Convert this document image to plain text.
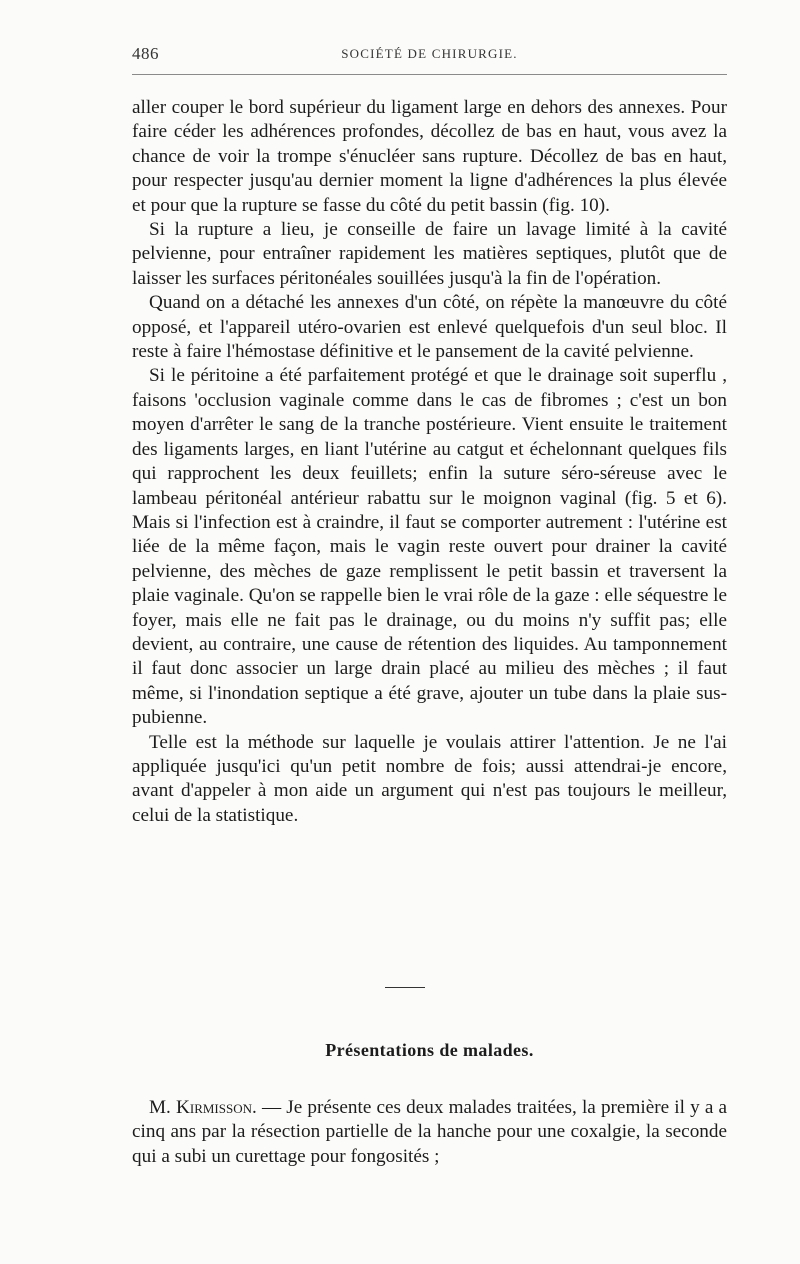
486	SOCIÉTÉ DE CHIRURGIE.

aller couper le bord supérieur du ligament large en dehors des annexes. Pour faire céder les adhérences profondes, décollez de bas en haut, vous avez la chance de voir la trompe s'énucléer sans rupture. Décollez de bas en haut, pour respecter jusqu'au dernier moment la ligne d'adhérences la plus élevée et pour que la rupture se fasse du côté du petit bassin (fig. 10).

Si la rupture a lieu, je conseille de faire un lavage limité à la cavité pelvienne, pour entraîner rapidement les matières septiques, plutôt que de laisser les surfaces péritonéales souillées jusqu'à la fin de l'opération.

Quand on a détaché les annexes d'un côté, on répète la manœuvre du côté opposé, et l'appareil utéro-ovarien est enlevé quelquefois d'un seul bloc. Il reste à faire l'hémostase définitive et le pansement de la cavité pelvienne.

Si le péritoine a été parfaitement protégé et que le drainage soit superflu , faisons 'occlusion vaginale comme dans le cas de fibromes ; c'est un bon moyen d'arrêter le sang de la tranche postérieure. Vient ensuite le traitement des ligaments larges, en liant l'utérine au catgut et échelonnant quelques fils qui rapprochent les deux feuillets; enfin la suture séro-séreuse avec le lambeau péritonéal antérieur rabattu sur le moignon vaginal (fig. 5 et 6). Mais si l'infection est à craindre, il faut se comporter autrement : l'utérine est liée de la même façon, mais le vagin reste ouvert pour drainer la cavité pelvienne, des mèches de gaze remplissent le petit bassin et traversent la plaie vaginale. Qu'on se rappelle bien le vrai rôle de la gaze : elle séquestre le foyer, mais elle ne fait pas le drainage, ou du moins n'y suffit pas; elle devient, au contraire, une cause de rétention des liquides. Au tamponnement il faut donc associer un large drain placé au milieu des mèches ; il faut même, si l'inondation septique a été grave, ajouter un tube dans la plaie sus-pubienne.

Telle est la méthode sur laquelle je voulais attirer l'attention. Je ne l'ai appliquée jusqu'ici qu'un petit nombre de fois; aussi attendrai-je encore, avant d'appeler à mon aide un argument qui n'est pas toujours le meilleur, celui de la statistique.

Présentations de malades.

M. Kirmisson. — Je présente ces deux malades traitées, la première il y a a cinq ans par la résection partielle de la hanche pour une coxalgie, la seconde qui a subi un curettage pour fongosités ;
